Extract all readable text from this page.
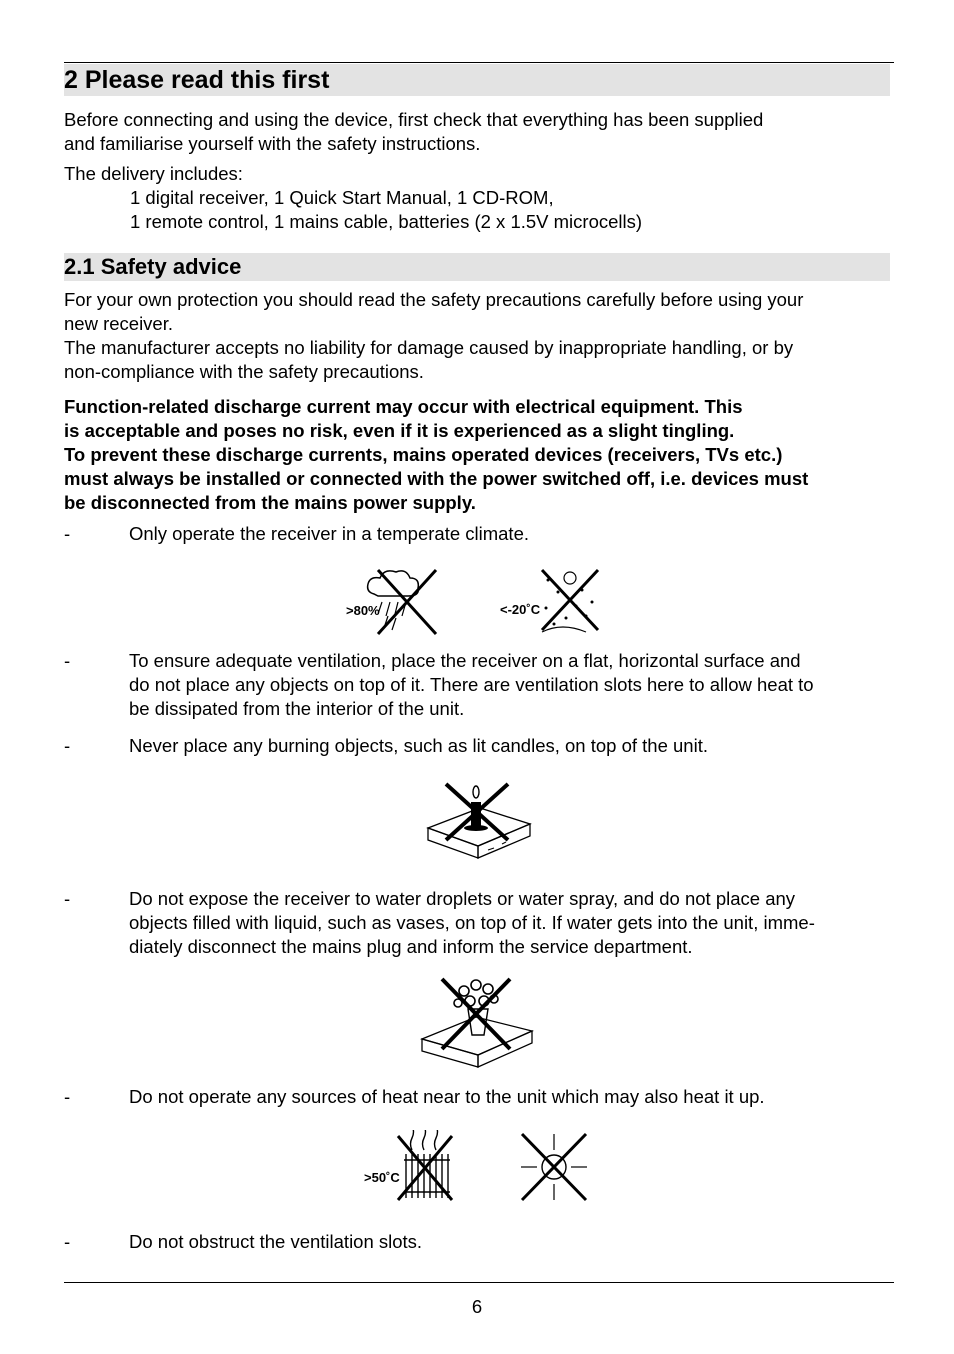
2 Please read this first
Before connecting and using the device, first check that everything has been supplied
and familiarise yourself with the safety instructions.
The delivery includes:
1 digital receiver, 1 Quick Start Manual, 1 CD-ROM,
1 remote control, 1 mains cable, batteries (2 x 1.5V microcells)
2.1 Safety advice
For your own protection you should read the safety precautions carefully before using your
new receiver.
The manufacturer accepts no liability for damage caused by inappropriate handling, or by
non-compliance with the safety precautions.
Function-related discharge current may occur with electrical equipment. This
is acceptable and poses no risk, even if it is experienced as a slight tingling.
To prevent these discharge currents, mains operated devices (receivers, TVs etc.)
must always be installed or connected with the power switched off, i.e. devices must
be disconnected from the mains power supply.
-	Only operate the receiver in a temperate climate.
>80%	<-20˚C
-	To ensure adequate ventilation, place the receiver on a flat, horizontal surface and
do not place any objects on top of it. There are ventilation slots here to allow heat to
be dissipated from the interior of the unit.
-	Never place any burning objects, such as lit candles, on top of the unit.
-	Do not expose the receiver to water droplets or water spray, and do not place any
objects filled with liquid, such as vases, on top of it. If water gets into the unit, imme-
diately disconnect the mains plug and inform the service department.
-	Do not operate any sources of heat near to the unit which may also heat it up.
>50˚C
-	Do not obstruct the ventilation slots.
6
